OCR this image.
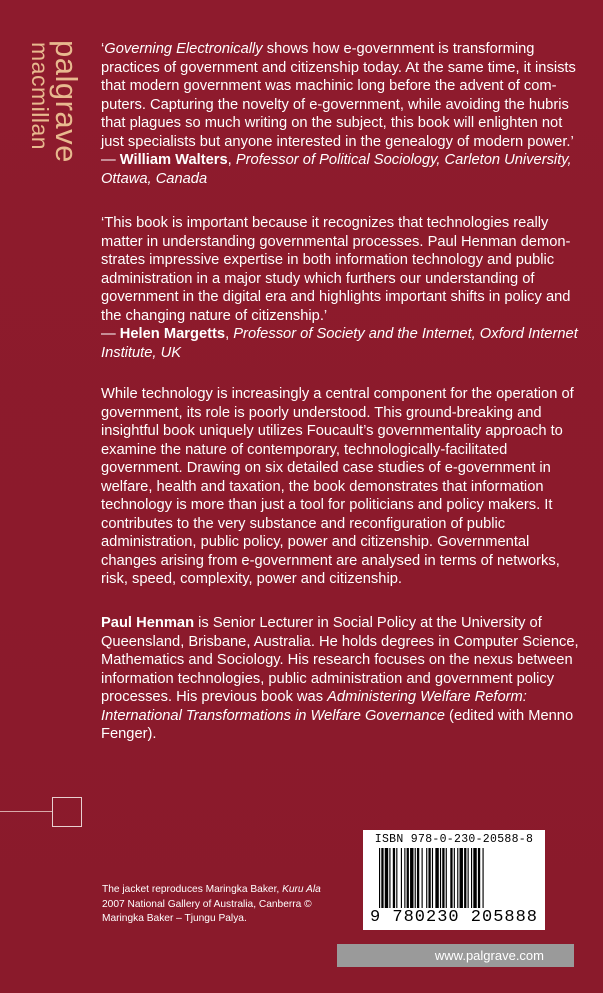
palgrave
macmillan	‘Governing Electronically shows how e-government is transforming practices of government and citizenship today. At the same time, it insists that modern government was machinic long before the advent of com- puters. Capturing the novelty of e-government, while avoiding the hubris that plagues so much writing on the subject, this book will enlighten not just specialists but anyone interested in the genealogy of modern power.’
— William Walters, Professor of Political Sociology, Carleton University, Ottawa, Canada

‘This book is important because it recognizes that technologies really matter in understanding governmental processes. Paul Henman demon- strates impressive expertise in both information technology and public administration in a major study which furthers our understanding of government in the digital era and highlights important shifts in policy and the changing nature of citizenship.’
— Helen Margetts, Professor of Society and the Internet, Oxford Internet Institute, UK

While technology is increasingly a central component for the operation of government, its role is poorly understood. This ground-breaking and insightful book uniquely utilizes Foucault’s governmentality approach to examine the nature of contemporary, technologically-facilitated government. Drawing on six detailed case studies of e-government in welfare, health and taxation, the book demonstrates that information technology is more than just a tool for politicians and policy makers. It contributes to the very substance and reconfiguration of public administration, public policy, power and citizenship. Governmental changes arising from e-government are analysed in terms of networks, risk, speed, complexity, power and citizenship.

Paul Henman is Senior Lecturer in Social Policy at the University of Queensland, Brisbane, Australia. He holds degrees in Computer Science, Mathematics and Sociology. His research focuses on the nexus between information technologies, public administration and government policy processes. His previous book was Administering Welfare Reform: International Transformations in Welfare Governance (edited with Menno Fenger).

ISBN 978-0-230-20588-8
9 780230 205888
The jacket reproduces Maringka Baker, Kuru Ala 2007 National Gallery of Australia, Canberra © Maringka Baker – Tjungu Palya.
www.palgrave.com
